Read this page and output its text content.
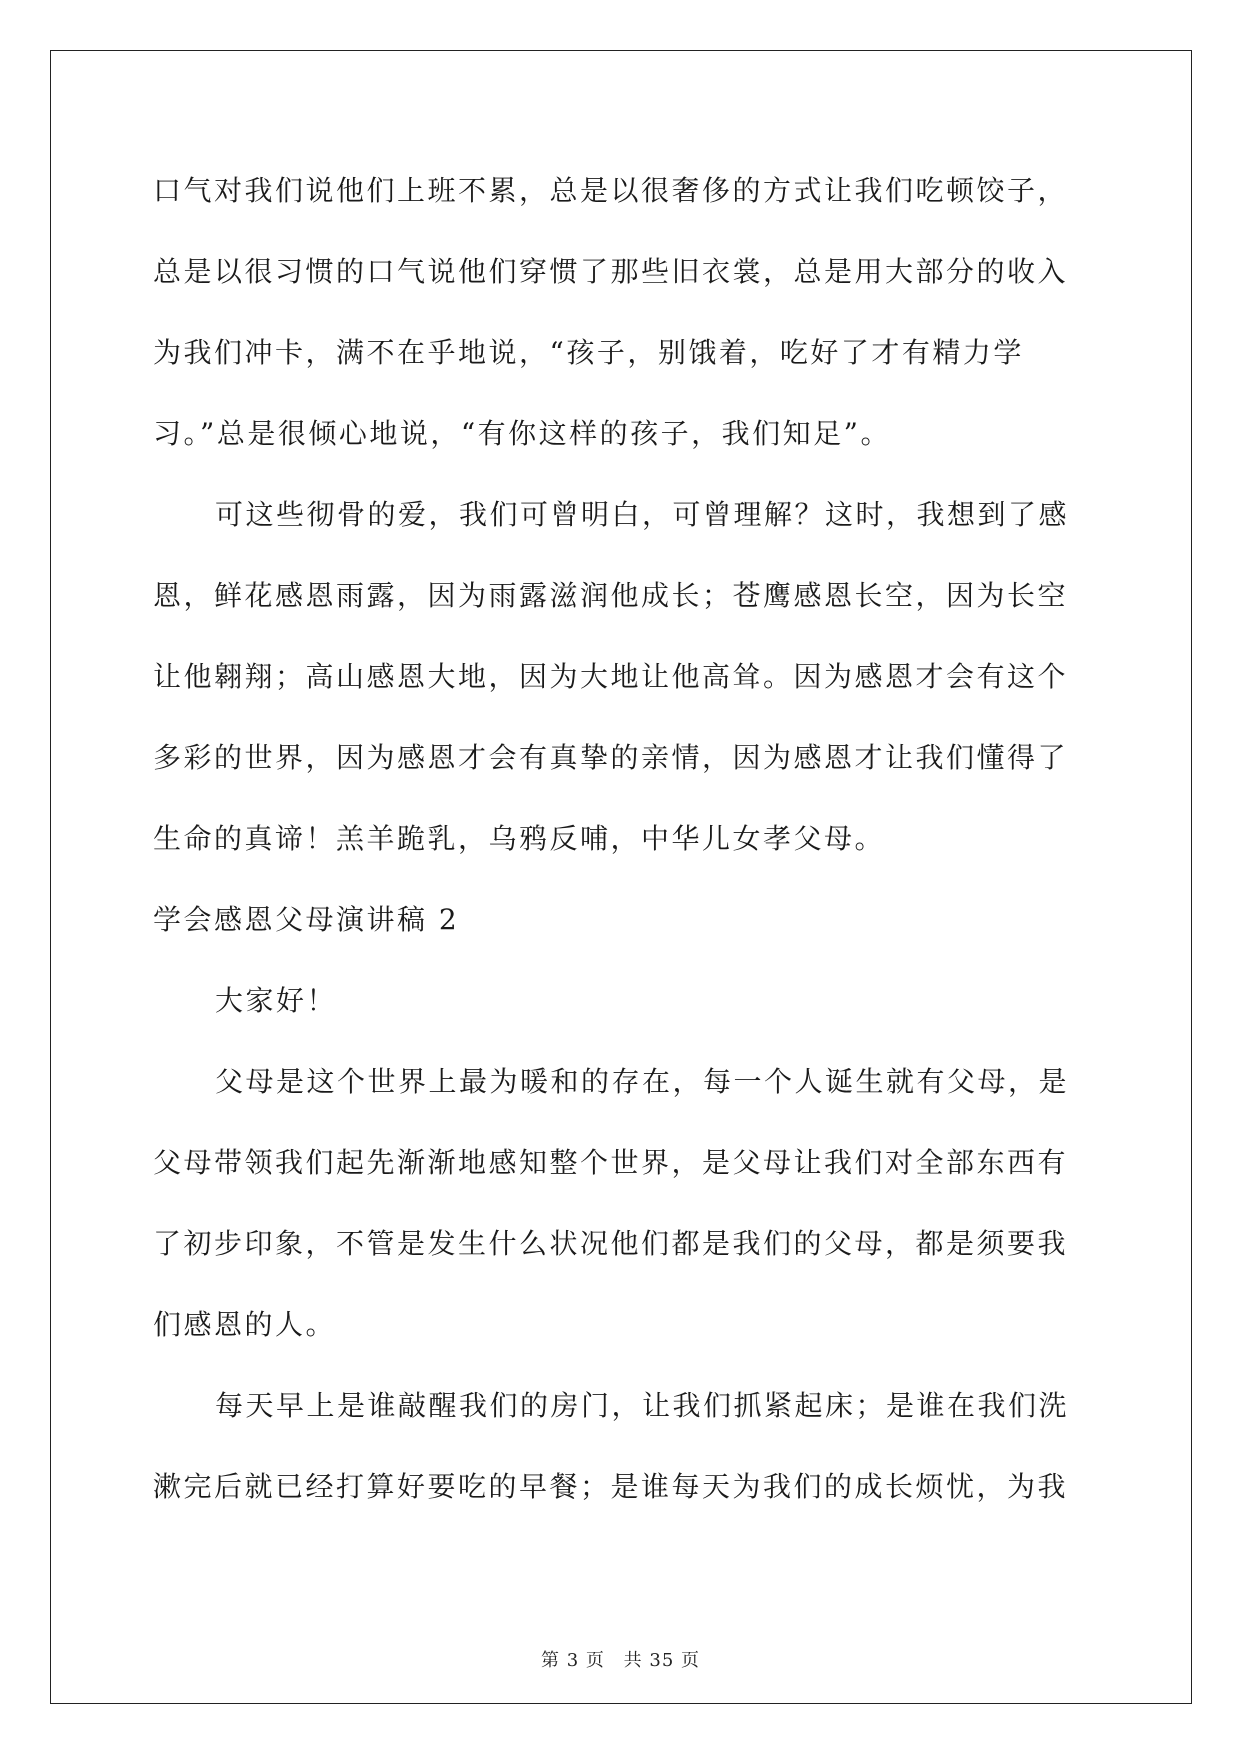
口气对我们说他们上班不累，总是以很奢侈的方式让我们吃顿饺子，
总是以很习惯的口气说他们穿惯了那些旧衣裳，总是用大部分的收入
为我们冲卡，满不在乎地说，“孩子，别饿着，吃好了才有精力学
习。”总是很倾心地说，“有你这样的孩子，我们知足”。
可这些彻骨的爱，我们可曾明白，可曾理解？这时，我想到了感
恩，鲜花感恩雨露，因为雨露滋润他成长；苍鹰感恩长空，因为长空
让他翱翔；高山感恩大地，因为大地让他高耸。因为感恩才会有这个
多彩的世界，因为感恩才会有真挚的亲情，因为感恩才让我们懂得了
生命的真谛！羔羊跪乳，乌鸦反哺，中华儿女孝父母。
学会感恩父母演讲稿 2
大家好！
父母是这个世界上最为暖和的存在，每一个人诞生就有父母，是
父母带领我们起先渐渐地感知整个世界，是父母让我们对全部东西有
了初步印象，不管是发生什么状况他们都是我们的父母，都是须要我
们感恩的人。
每天早上是谁敲醒我们的房门，让我们抓紧起床；是谁在我们洗
漱完后就已经打算好要吃的早餐；是谁每天为我们的成长烦忧，为我
第 3 页 共 35 页
